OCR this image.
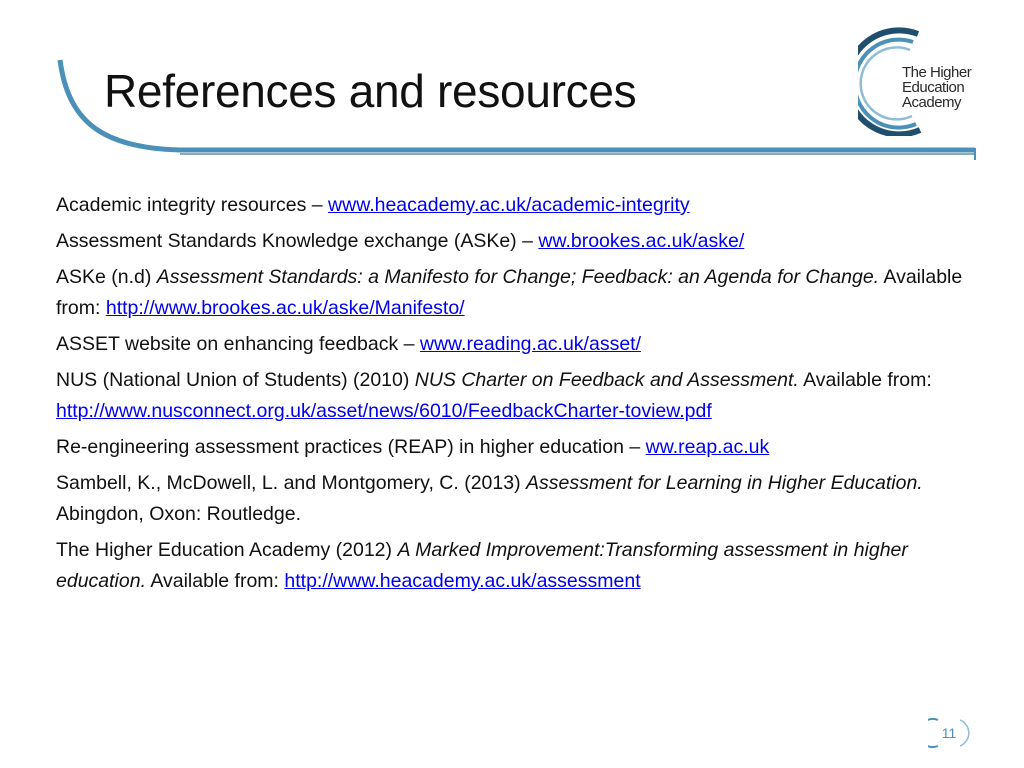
References and resources	The Higher
Education
Academy

Academic integrity resources – www.heacademy.ac.uk/academic-integrity

Assessment Standards Knowledge exchange (ASKe) – ww.brookes.ac.uk/aske/

ASKe (n.d) Assessment Standards: a Manifesto for Change; Feedback: an Agenda for Change. Available from: http://www.brookes.ac.uk/aske/Manifesto/

ASSET website on enhancing feedback – www.reading.ac.uk/asset/

NUS (National Union of Students) (2010) NUS Charter on Feedback and Assessment. Available from: http://www.nusconnect.org.uk/asset/news/6010/FeedbackCharter-toview.pdf

Re-engineering assessment practices (REAP) in higher education – ww.reap.ac.uk

Sambell, K., McDowell, L. and Montgomery, C. (2013) Assessment for Learning in Higher Education. Abingdon, Oxon: Routledge.

The Higher Education Academy (2012) A Marked Improvement:Transforming assessment in higher education. Available from: http://www.heacademy.ac.uk/assessment

11
